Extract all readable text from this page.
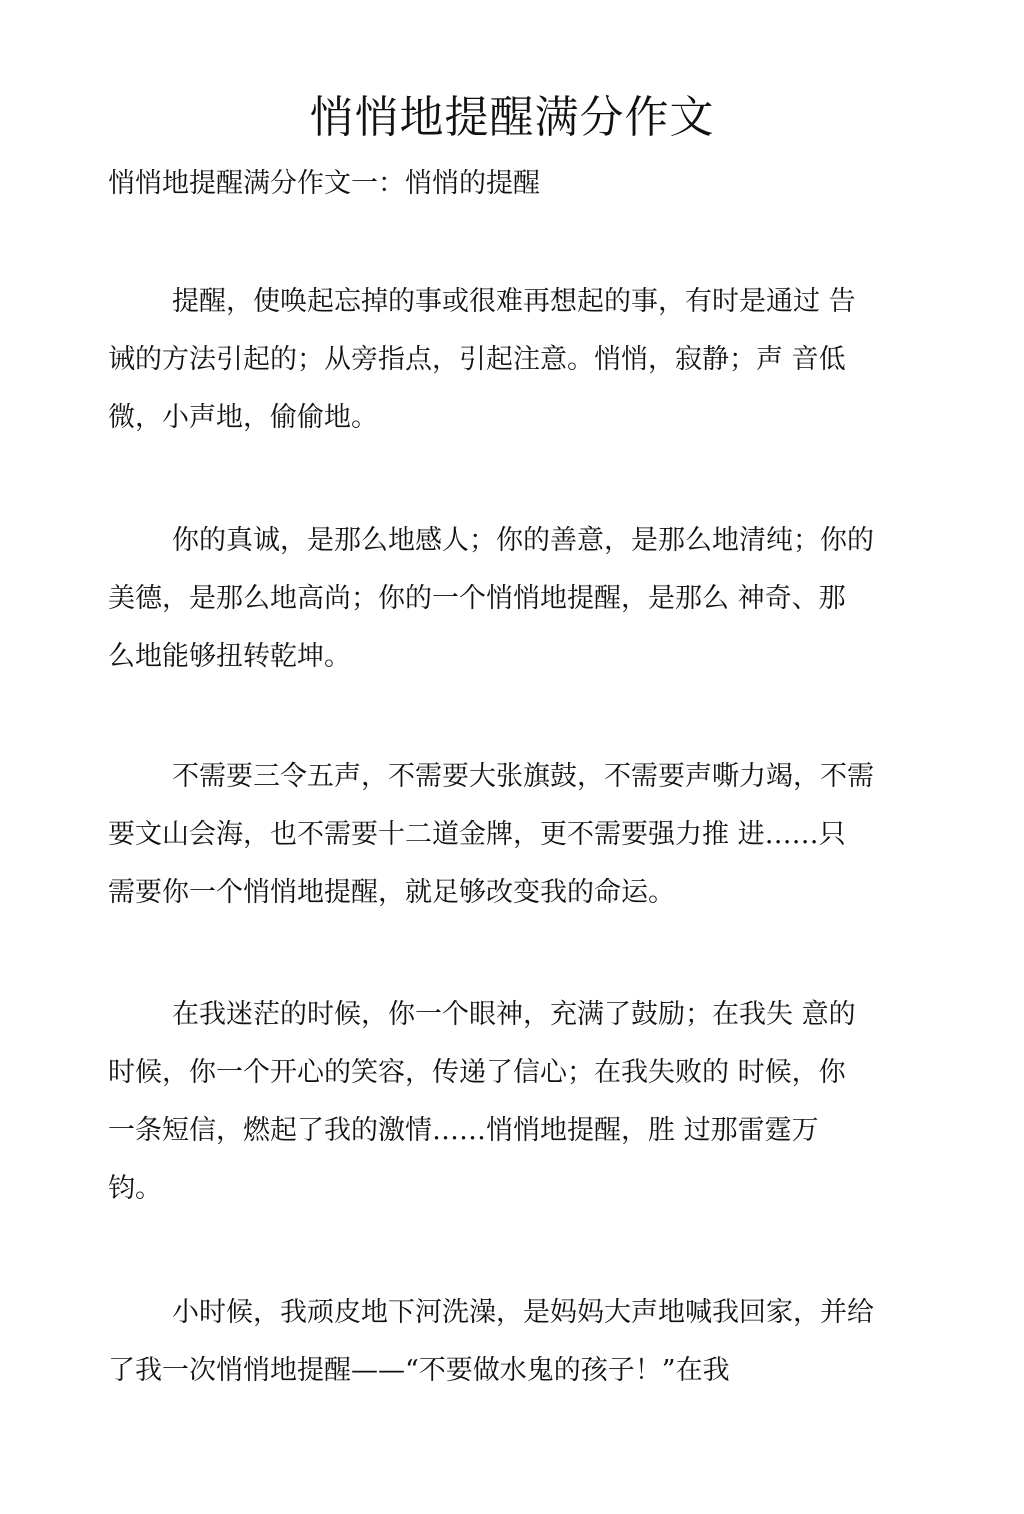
悄悄地提醒满分作文

悄悄地提醒满分作文一：悄悄的提醒

提醒，使唤起忘掉的事或很难再想起的事，有时是通过 告
诫的方法引起的；从旁指点，引起注意。悄悄，寂静；声 音低
微，小声地，偷偷地。
你的真诚，是那么地感人；你的善意，是那么地清纯；你的
美德，是那么地高尚；你的一个悄悄地提醒，是那么 神奇、那
么地能够扭转乾坤。
不需要三令五声，不需要大张旗鼓，不需要声嘶力竭，不需
要文山会海，也不需要十二道金牌，更不需要强力推 进……只
需要你一个悄悄地提醒，就足够改变我的命运。
在我迷茫的时候，你一个眼神，充满了鼓励；在我失 意的
时候，你一个开心的笑容，传递了信心；在我失败的 时候，你
一条短信，燃起了我的激情……悄悄地提醒，胜 过那雷霆万
钧。
小时候，我顽皮地下河洗澡，是妈妈大声地喊我回家，并给
了我一次悄悄地提醒——“不要做水鬼的孩子！”在我
